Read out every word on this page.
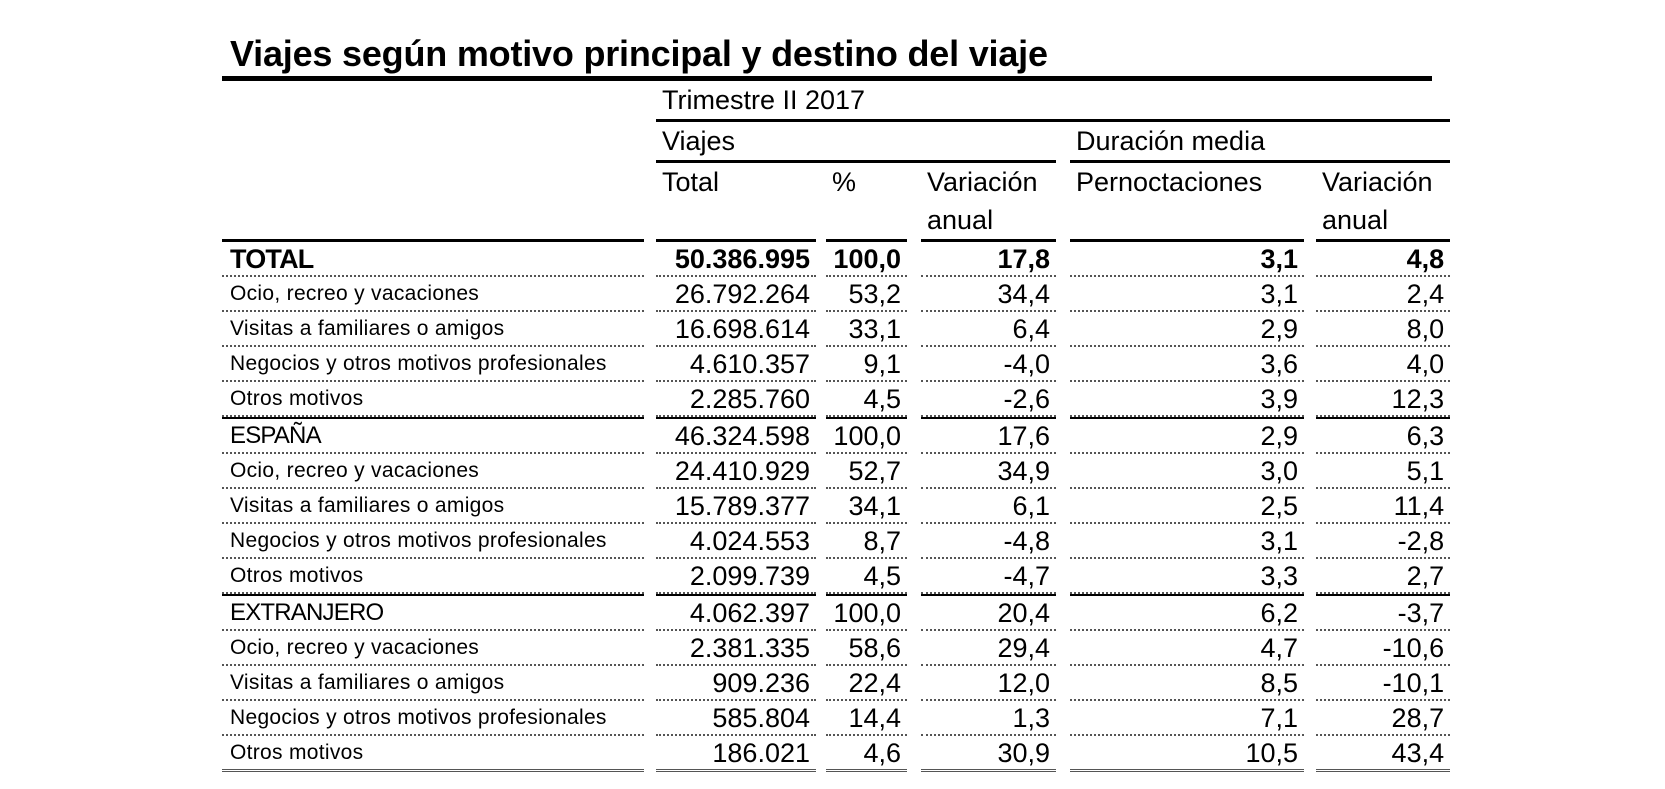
Viajes según motivo principal y destino del viaje
		Trimestre II 2017								
		Viajes						Duración media		
		Total		%		Variación		Pernoctaciones		Variación
						anual				anual
TOTAL		50.386.995		100,0		17,8		3,1		4,8
Ocio, recreo y vacaciones		26.792.264		53,2		34,4		3,1		2,4
Visitas a familiares o amigos		16.698.614		33,1		6,4		2,9		8,0
Negocios y otros motivos profesionales		4.610.357		9,1		-4,0		3,6		4,0
Otros motivos		2.285.760		4,5		-2,6		3,9		12,3
ESPAÑA		46.324.598		100,0		17,6		2,9		6,3
Ocio, recreo y vacaciones		24.410.929		52,7		34,9		3,0		5,1
Visitas a familiares o amigos		15.789.377		34,1		6,1		2,5		11,4
Negocios y otros motivos profesionales		4.024.553		8,7		-4,8		3,1		-2,8
Otros motivos		2.099.739		4,5		-4,7		3,3		2,7
EXTRANJERO		4.062.397		100,0		20,4		6,2		-3,7
Ocio, recreo y vacaciones		2.381.335		58,6		29,4		4,7		-10,6
Visitas a familiares o amigos		909.236		22,4		12,0		8,5		-10,1
Negocios y otros motivos profesionales		585.804		14,4		1,3		7,1		28,7
Otros motivos		186.021		4,6		30,9		10,5		43,4
